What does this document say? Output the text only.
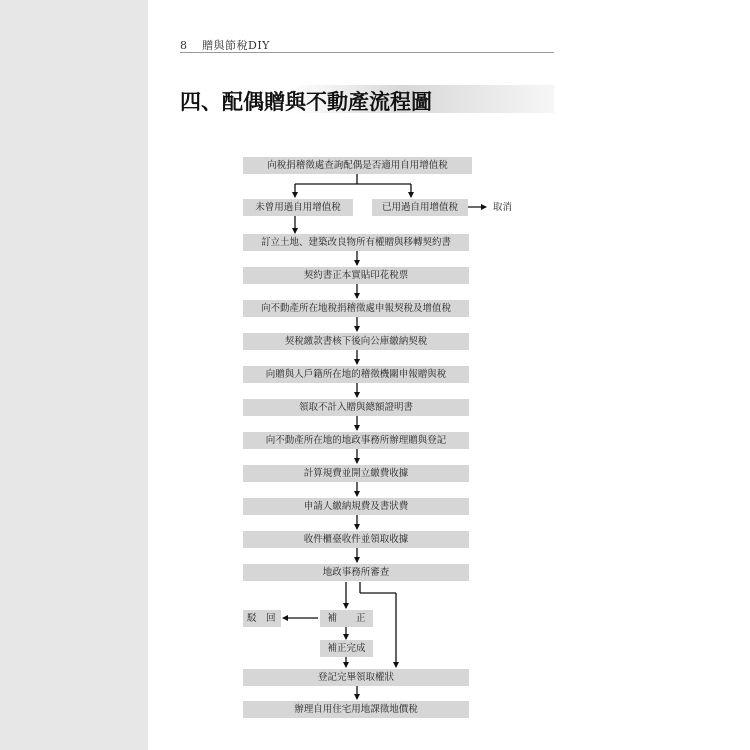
8 贈與節稅DIY
四、配偶贈與不動產流程圖
向稅捐稽徵處查詢配偶是否適用自用增值稅
未曾用過自用增值稅	已用過自用增值稅	取消
訂立土地、建築改良物所有權贈與移轉契約書
契約書正本實貼印花稅票
向不動產所在地稅捐稽徵處申報契稅及增值稅
契稅繳款書核下後向公庫繳納契稅
向贈與人戶籍所在地的稽徵機關申報贈與稅
領取不計入贈與總額證明書
向不動產所在地的地政事務所辦理贈與登記
計算規費並開立繳費收據
申請人繳納規費及書狀費
收件櫃臺收件並領取收據
地政事務所審查
駁　回	補　　正
補正完成
登記完畢領取權狀
辦理自用住宅用地課徵地價稅
